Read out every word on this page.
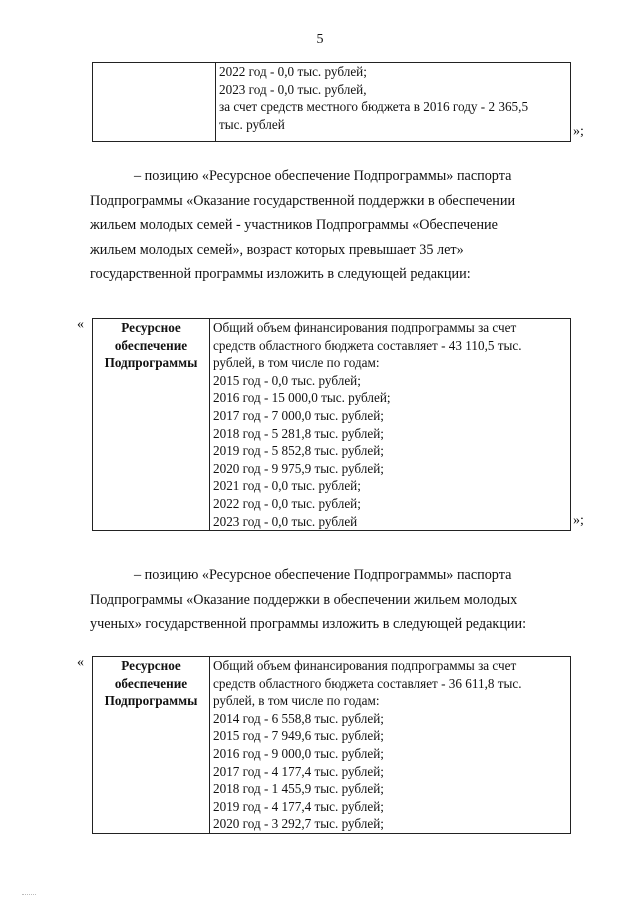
5

2022 год - 0,0 тыс. рублей;
2023 год - 0,0 тыс. рублей,
за счет средств местного бюджета в 2016 году - 2 365,5
тыс. рублей	»;
– позицию «Ресурсное обеспечение Подпрограммы» паспорта
Подпрограммы «Оказание государственной поддержки в обеспечении
жильем молодых семей - участников Подпрограммы «Обеспечение
жильем молодых семей», возраст которых превышает 35 лет»
государственной программы изложить в следующей редакции:
«	Ресурсное
обеспечение
Подпрограммы

Общий объем финансирования подпрограммы за счет
средств областного бюджета составляет - 43 110,5 тыс.
рублей, в том числе по годам:
2015 год - 0,0 тыс. рублей;
2016 год - 15 000,0 тыс. рублей;
2017 год - 7 000,0 тыс. рублей;
2018 год - 5 281,8 тыс. рублей;
2019 год - 5 852,8 тыс. рублей;
2020 год - 9 975,9 тыс. рублей;
2021 год - 0,0 тыс. рублей;
2022 год - 0,0 тыс. рублей;
2023 год - 0,0 тыс. рублей	»;
– позицию «Ресурсное обеспечение Подпрограммы» паспорта
Подпрограммы «Оказание поддержки в обеспечении жильем молодых
ученых» государственной программы изложить в следующей редакции:
«	Ресурсное
обеспечение
Подпрограммы

Общий объем финансирования подпрограммы за счет
средств областного бюджета составляет - 36 611,8 тыс.
рублей, в том числе по годам:
2014 год - 6 558,8 тыс. рублей;
2015 год - 7 949,6 тыс. рублей;
2016 год - 9 000,0 тыс. рублей;
2017 год - 4 177,4 тыс. рублей;
2018 год - 1 455,9 тыс. рублей;
2019 год - 4 177,4 тыс. рублей;
2020 год - 3 292,7 тыс. рублей;
